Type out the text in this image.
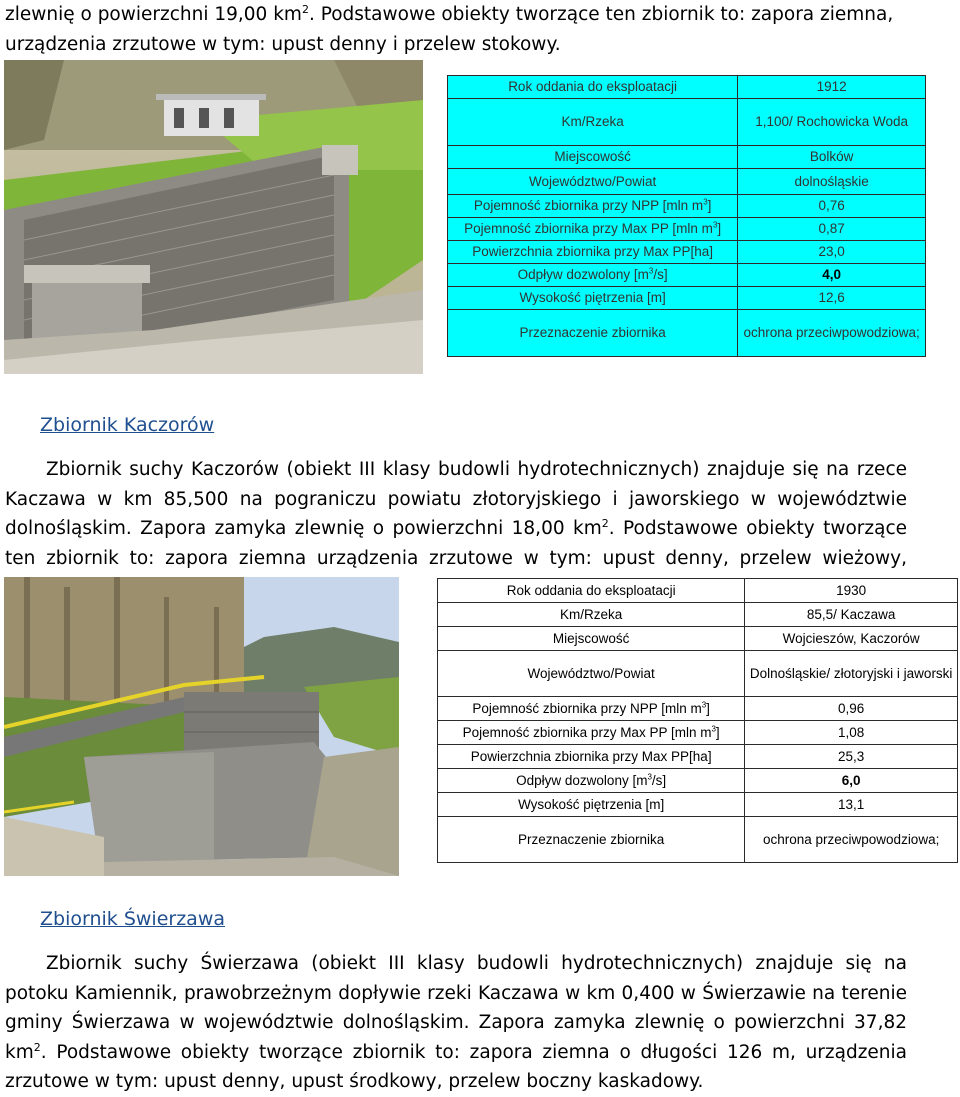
zlewnię o powierzchni 19,00 $km^2$. Podstawowe obiekty tworzące ten zbiornik to: zapora ziemna,
urządzenia zrzutowe w tym: upust denny i przelew stokowy.

Rok oddania do eksploatacji	1912
Km/Rzeka	1,100/ Rochowicka Woda
Miejscowość	Bolków
Województwo/Powiat	dolnośląskie
Pojemność zbiornika przy NPP [mln $m^3$]	0,76
Pojemność zbiornika przy Max PP [mln $m^3$]	0,87
Powierzchnia zbiornika przy Max PP[ha]	23,0
Odpływ dozwolony $[m^3/s]$	4,0
Wysokość piętrzenia [m]	12,6
Przeznaczenie zbiornika	ochrona przeciwpowodziowa;
Zbiornik Kaczorów

Zbiornik suchy Kaczorów (obiekt III klasy budowli hydrotechnicznych) znajduje się na rzece Kaczawa w km 85,500 na pograniczu powiatu złotoryjskiego i jaworskiego w województwie dolnośląskim. Zapora zamyka zlewnię o powierzchni 18,00 $km^2$. Podstawowe obiekty tworzące ten zbiornik to: zapora ziemna urządzenia zrzutowe w tym: upust denny, przelew wieżowy,

Rok oddania do eksploatacji	1930
Km/Rzeka	85,5/ Kaczawa
Miejscowość	Wojcieszów, Kaczorów
Województwo/Powiat	Dolnośląskie/ złotoryjski i jaworski
Pojemność zbiornika przy NPP [mln $m^3$]	0,96
Pojemność zbiornika przy Max PP [mln $m^3$]	1,08
Powierzchnia zbiornika przy Max PP[ha]	25,3
Odpływ dozwolony $[m^3/s]$	6,0
Wysokość piętrzenia [m]	13,1
Przeznaczenie zbiornika	ochrona przeciwpowodziowa;
Zbiornik Świerzawa

Zbiornik suchy Świerzawa (obiekt III klasy budowli hydrotechnicznych) znajduje się na potoku Kamiennik, prawobrzeżnym dopływie rzeki Kaczawa w km 0,400 w Świerzawie na terenie gminy Świerzawa w województwie dolnośląskim. Zapora zamyka zlewnię o powierzchni 37,82 $km^2$. Podstawowe obiekty tworzące zbiornik to: zapora ziemna o długości 126 m, urządzenia zrzutowe w tym: upust denny, upust środkowy, przelew boczny kaskadowy.
